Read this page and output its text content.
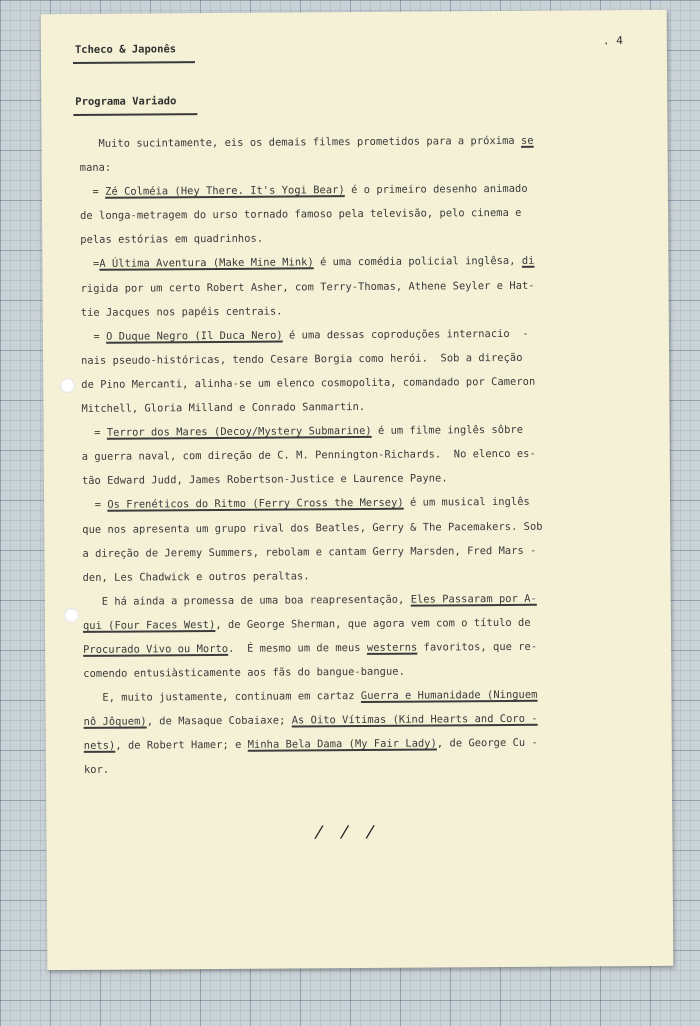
Tcheco & Japonês
. 4
Programa Variado
Muito sucintamente, eis os demais filmes prometidos para a próxima se
mana:
= Zé Colméia (Hey There. It's Yogi Bear) é o primeiro desenho animado
de longa-metragem do urso tornado famoso pela televisão, pelo cinema e
pelas estórias em quadrinhos.
=A Última Aventura (Make Mine Mink) é uma comédia policial inglêsa, di
rigida por um certo Robert Asher, com Terry-Thomas, Athene Seyler e Hat-
tie Jacques nos papéis centrais.
= O Duque Negro (Il Duca Nero) é uma dessas coproduções internacio  -
nais pseudo-históricas, tendo Cesare Borgia como herói.  Sob a direção
de Pino Mercanti, alinha-se um elenco cosmopolita, comandado por Cameron
Mitchell, Gloria Milland e Conrado Sanmartin.
= Terror dos Mares (Decoy/Mystery Submarine) é um filme inglês sôbre
a guerra naval, com direção de C. M. Pennington-Richards.  No elenco es-
tão Edward Judd, James Robertson-Justice e Laurence Payne.
= Os Frenéticos do Ritmo (Ferry Cross the Mersey) é um musical inglês
que nos apresenta um grupo rival dos Beatles, Gerry & The Pacemakers. Sob
a direção de Jeremy Summers, rebolam e cantam Gerry Marsden, Fred Mars -
den, Les Chadwick e outros peraltas.
E há ainda a promessa de uma boa reapresentação, Eles Passaram por A-
qui (Four Faces West), de George Sherman, que agora vem com o título de
Procurado Vivo ou Morto.  É mesmo um de meus westerns favoritos, que re-
comendo entusiàsticamente aos fãs do bangue-bangue.
E, muito justamente, continuam em cartaz Guerra e Humanidade (Ninguem
nô Jôquem), de Masaque Cobaiaxe; As Oito Vítimas (Kind Hearts and Coro -
nets), de Robert Hamer; e Minha Bela Dama (My Fair Lady), de George Cu -
kor.
///
